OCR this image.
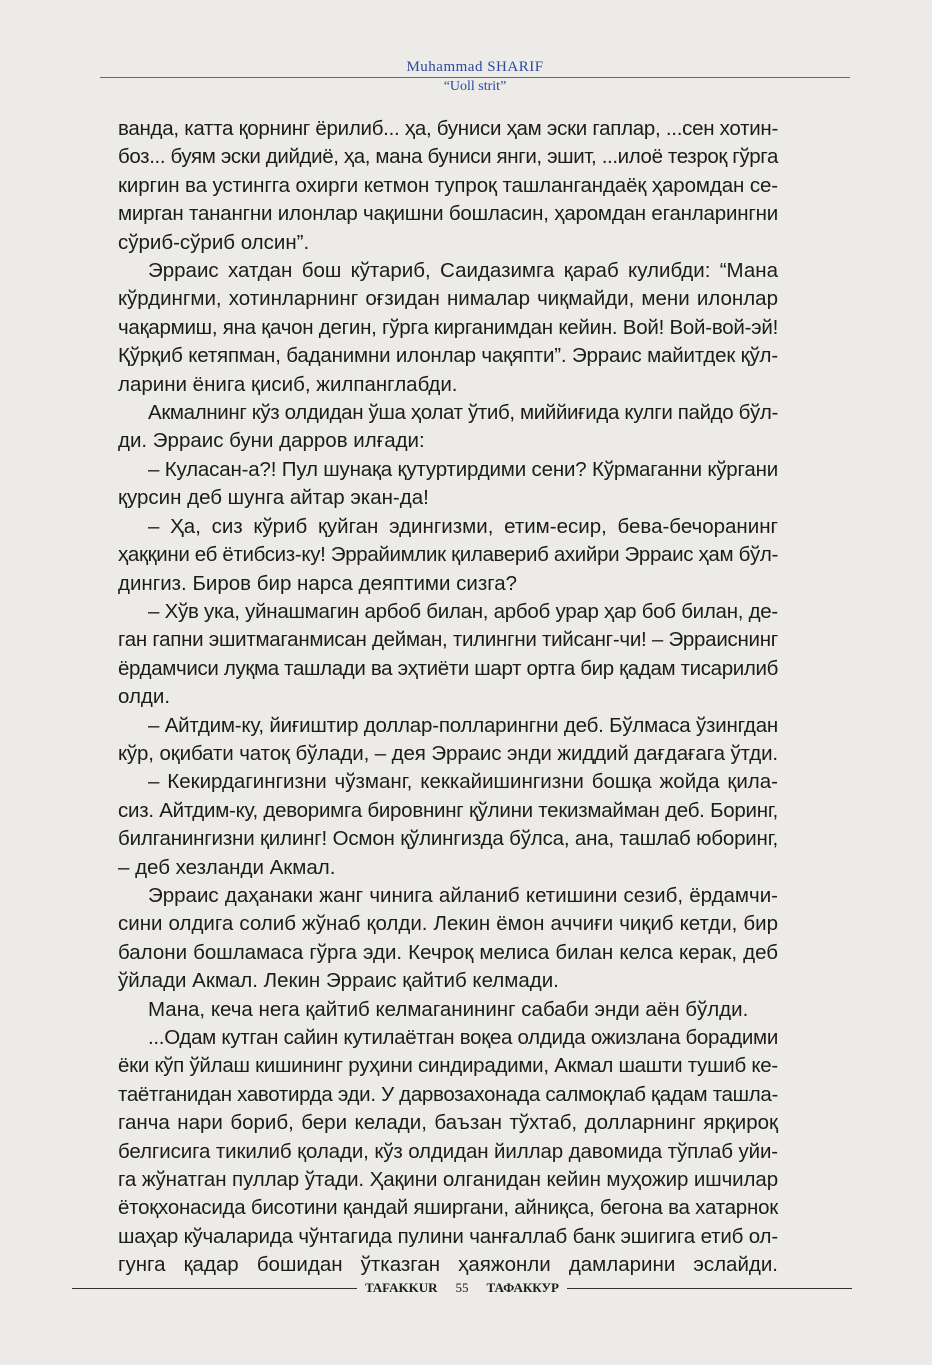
Muhammad SHARIF
“Uoll strit”
ванда, катта қорнинг ёрилиб... ҳа, буниси ҳам эски гаплар, ...сен хотин-
боз... буям эски дийдиё, ҳа, мана буниси янги, эшит, ...илоё тезроқ гўрга
киргин ва устингга охирги кетмон тупроқ ташлангандаёқ ҳаромдан се-
мирган танангни илонлар чақишни бошласин, ҳаромдан еганларингни
сўриб-сўриб олсин”.
Эрраис хатдан бош кўтариб, Саидазимга қараб кулибди: “Мана
кўрдингми, хотинларнинг оғзидан нималар чиқмайди, мени илонлар
чақармиш, яна қачон дегин, гўрга кирганимдан кейин. Вой! Вой-вой-эй!
Қўрқиб кетяпман, баданимни илонлар чақяпти”. Эрраис майитдек қўл-
ларини ёнига қисиб, жилпанглабди.
Акмалнинг кўз олдидан ўша ҳолат ўтиб, миййиғида кулги пайдо бўл-
ди. Эрраис буни дарров илғади:
– Куласан-а?! Пул шунақа қутуртирдими сени? Кўрмаганни кўргани
қурсин деб шунга айтар экан-да!
– Ҳа, сиз кўриб қуйган эдингизми, етим-есир, бева-бечоранинг
ҳаққини еб ётибсиз-ку! Эррайимлик қилавериб ахийри Эрраис ҳам бўл-
дингиз. Биров бир нарса деяптими сизга?
– Хўв ука, уйнашмагин арбоб билан, арбоб урар ҳар боб билан, де-
ган гапни эшитмаганмисан дейман, тилингни тийсанг-чи! – Эрраиснинг
ёрдамчиси луқма ташлади ва эҳтиёти шарт ортга бир қадам тисарилиб
олди.
– Айтдим-ку, йиғиштир доллар-полларингни деб. Бўлмаса ўзингдан
кўр, оқибати чатоқ бўлади, – дея Эрраис энди жиддий дағдағага ўтди.
– Кекирдагингизни чўзманг, кеккайишингизни бошқа жойда қила-
сиз. Айтдим-ку, деворимга бировнинг қўлини текизмайман деб. Боринг,
билганингизни қилинг! Осмон қўлингизда бўлса, ана, ташлаб юборинг,
– деб хезланди Акмал.
Эрраис даҳанаки жанг чинига айланиб кетишини сезиб, ёрдамчи-
сини олдига солиб жўнаб қолди. Лекин ёмон аччиғи чиқиб кетди, бир
балони бошламаса гўрга эди. Кечроқ мелиса билан келса керак, деб
ўйлади Акмал. Лекин Эрраис қайтиб келмади.
Мана, кеча нега қайтиб келмаганининг сабаби энди аён бўлди.
...Одам кутган сайин кутилаётган воқеа олдида ожизлана борадими
ёки кўп ўйлаш кишининг руҳини синдирадими, Акмал шашти тушиб ке-
таётганидан хавотирда эди. У дарвозахонада салмоқлаб қадам ташла-
ганча нари бориб, бери келади, баъзан тўхтаб, долларнинг ярқироқ
белгисига тикилиб қолади, кўз олдидан йиллар давомида тўплаб уйи-
га жўнатган пуллар ўтади. Ҳақини олганидан кейин муҳожир ишчилар
ётоқхонасида бисотини қандай яширгани, айниқса, бегона ва хатарнок
шаҳар кўчаларида чўнтагида пулини чанғаллаб банк эшигига етиб ол-
гунга қадар бошидан ўтказган ҳаяжонли дамларини эслайди.
TAFAKKUR	55	ТАФАККУР
